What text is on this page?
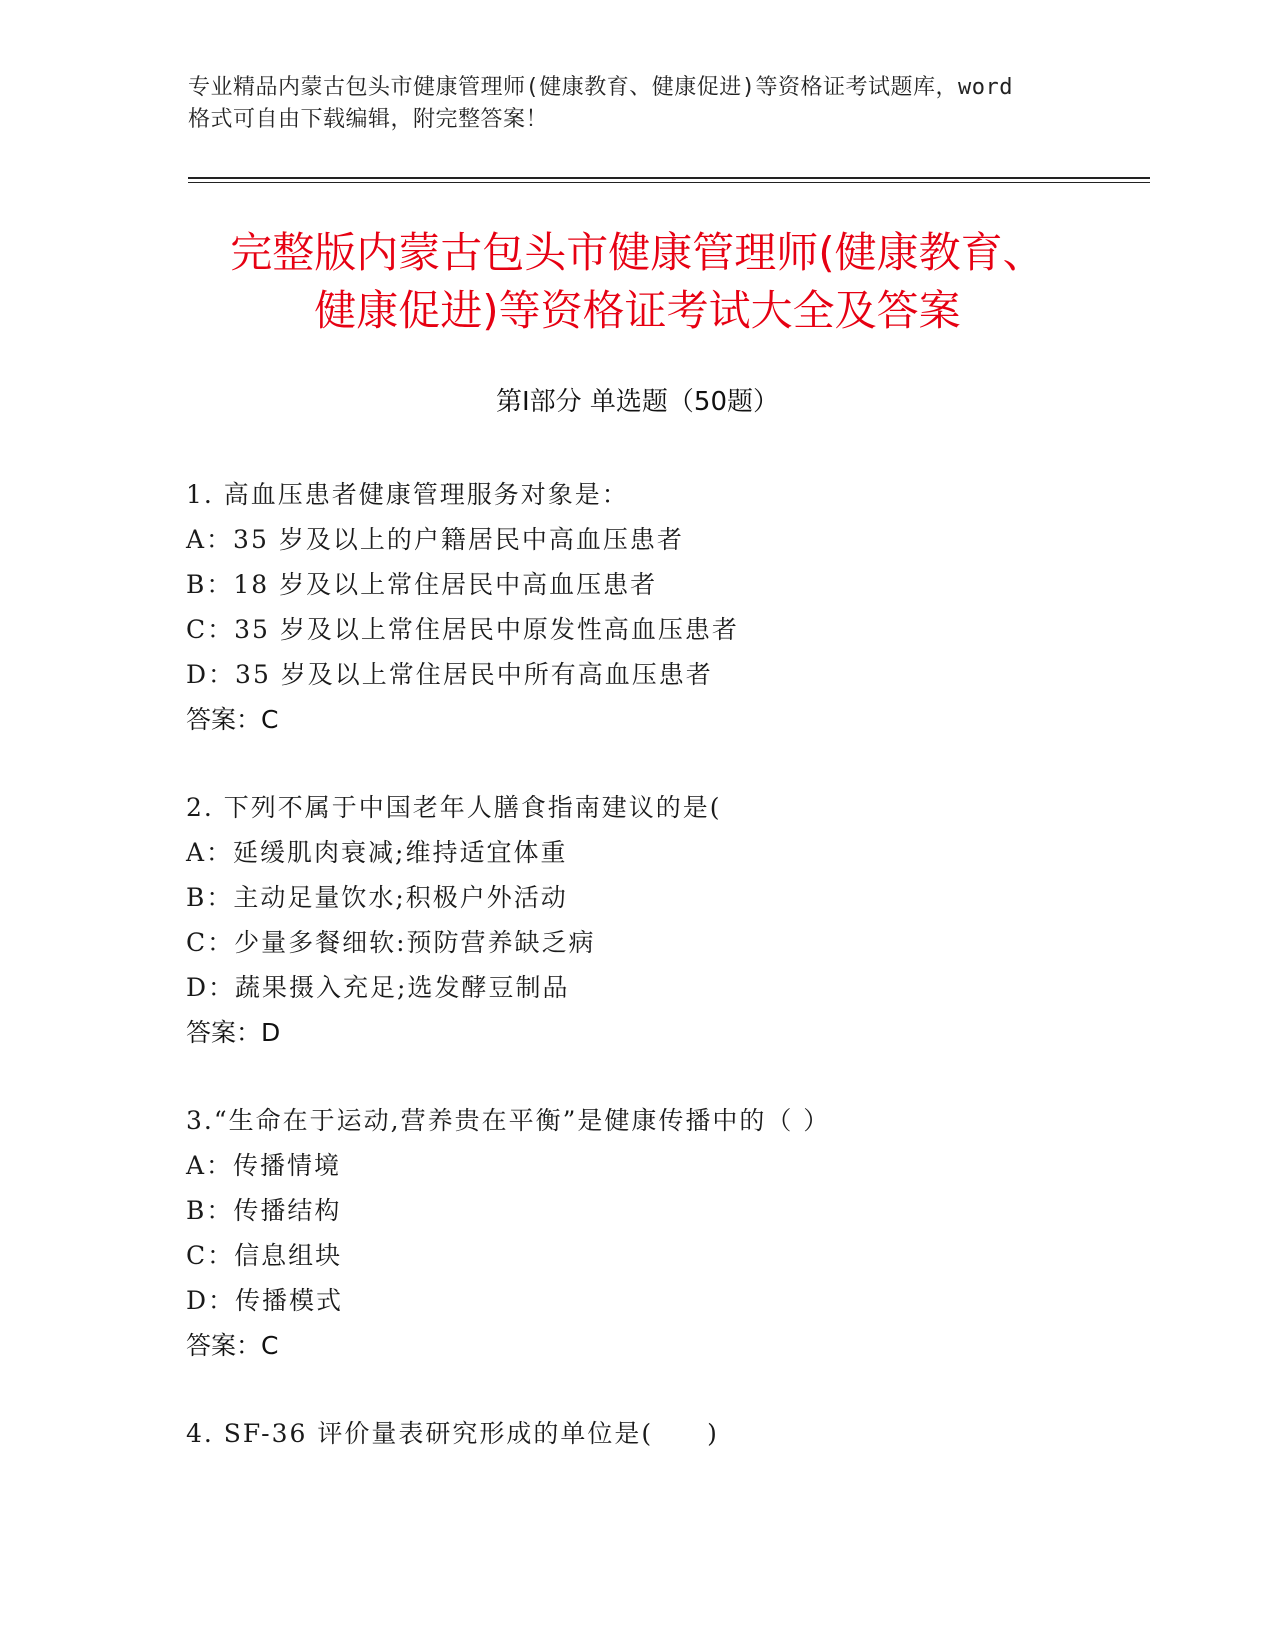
专业精品内蒙古包头市健康管理师(健康教育、健康促进)等资格证考试题库，word
格式可自由下载编辑，附完整答案！
完整版内蒙古包头市健康管理师(健康教育、
健康促进)等资格证考试大全及答案
第Ⅰ部分 单选题（50题）
1. 高血压患者健康管理服务对象是：
A：35 岁及以上的户籍居民中高血压患者
B：18 岁及以上常住居民中高血压患者
C：35 岁及以上常住居民中原发性高血压患者
D：35 岁及以上常住居民中所有高血压患者
答案：C
2. 下列不属于中国老年人膳食指南建议的是(
A：延缓肌肉衰减;维持适宜体重
B：主动足量饮水;积极户外活动
C：少量多餐细软:预防营养缺乏病
D：蔬果摄入充足;选发酵豆制品
答案：D
3.“生命在于运动,营养贵在平衡”是健康传播中的（ ）
A：传播情境
B：传播结构
C：信息组块
D：传播模式
答案：C
4. SF-36 评价量表研究形成的单位是(　　)
